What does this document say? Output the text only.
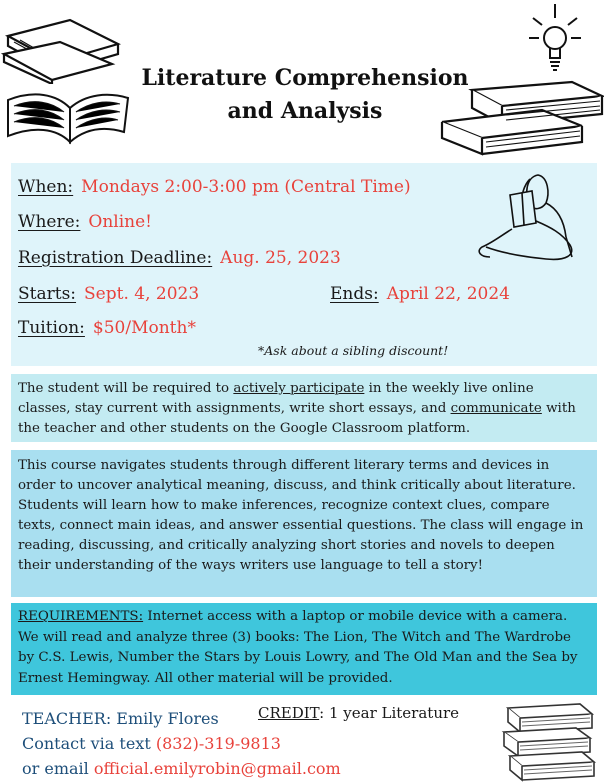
Literature Comprehension
and Analysis
When: Mondays 2:00-3:00 pm (Central Time)
Where: Online!
Registration Deadline: Aug. 25, 2023
Starts: Sept. 4, 2023	Ends: April 22, 2024
Tuition: $50/Month*
*Ask about a sibling discount!
The student will be required to actively participate in the weekly live online classes, stay current with assignments, write short essays, and communicate with the teacher and other students on the Google Classroom platform.
This course navigates students through different literary terms and devices in order to uncover analytical meaning, discuss, and think critically about literature. Students will learn how to make inferences, recognize context clues, compare texts, connect main ideas, and answer essential questions. The class will engage in reading, discussing, and critically analyzing short stories and novels to deepen their understanding of the ways writers use language to tell a story!
REQUIREMENTS: Internet access with a laptop or mobile device with a camera. We will read and analyze three (3) books: The Lion, The Witch and The Wardrobe by C.S. Lewis, Number the Stars by Louis Lowry, and The Old Man and the Sea by Ernest Hemingway. All other material will be provided.
TEACHER: Emily Flores
Contact via text (832)-319-9813
or email official.emilyrobin@gmail.com
CREDIT: 1 year Literature
